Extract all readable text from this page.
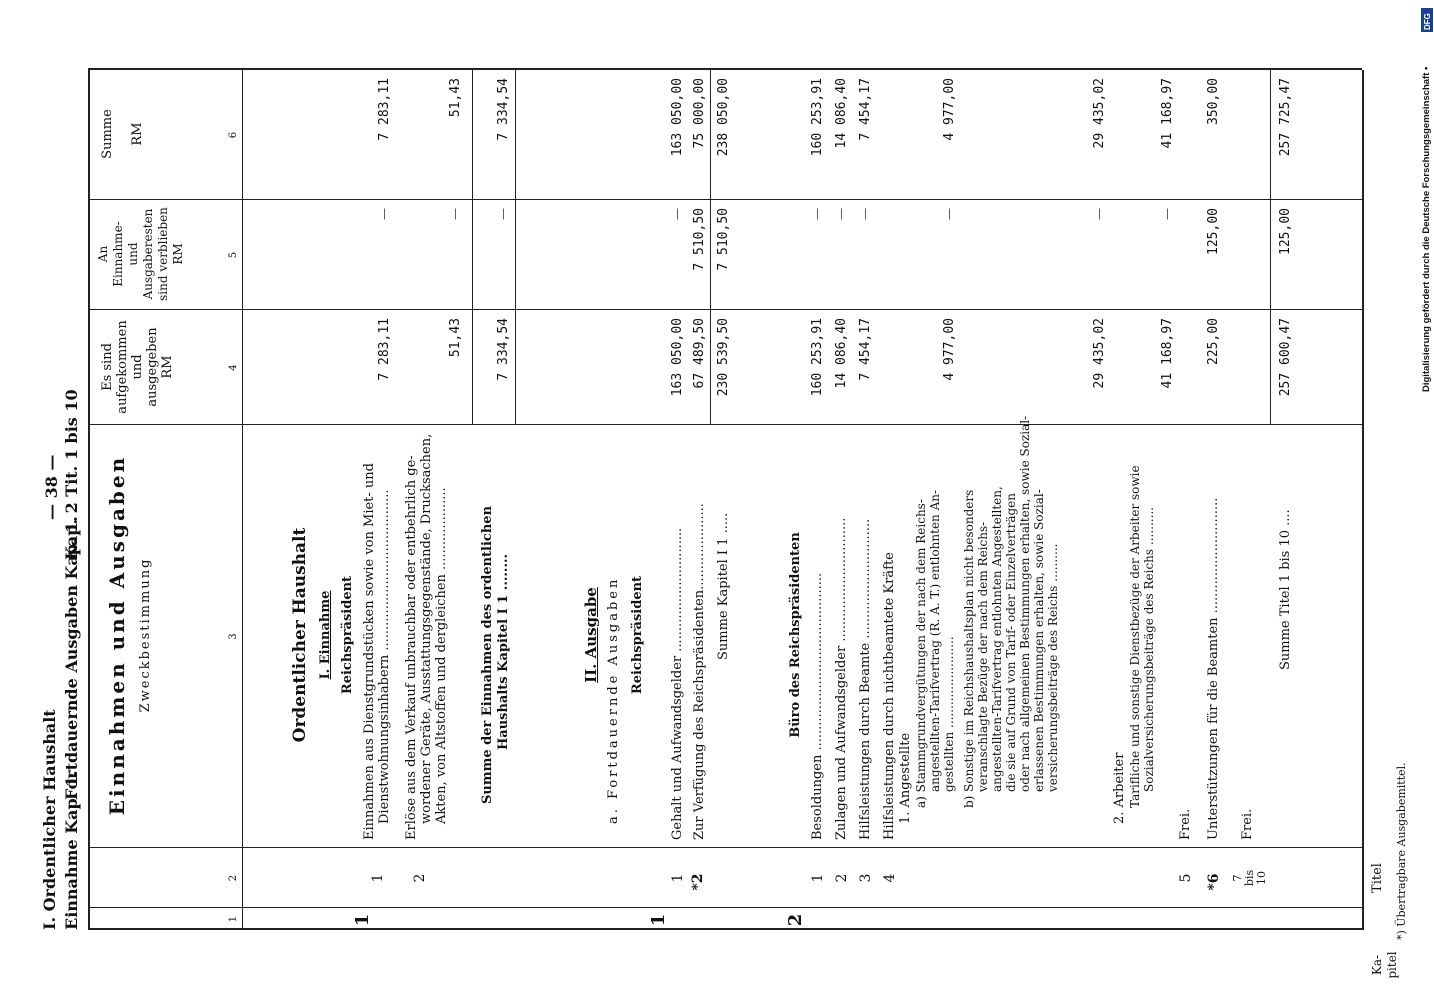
I. Ordentlicher Haushalt
— 38 —
Einnahme Kap. 1.
Fortdauernde Ausgaben Kap. 1.
Kap. 2 Tit. 1 bis 10
Ka-
pitel
Titel
Einnahmen und Ausgaben Zweckbestimmung
Es sind
aufgekommen
und
ausgegeben
RM
An
Einnahme-
und
Ausgaberesten
sind verblieben
RM
Summe

RM
1
2
3
4
5
6
Ordentlicher Haushalt I. Einnahme Reichspräsident
1
1
Einnahmen aus Dienstgrundstücken sowie von Miet- und Dienstwohnungsinhabern .......................................
7 283,11
—
7 283,11
2
Erlöse aus dem Verkauf unbrauchbar oder entbehrlich ge- wordener Geräte, Ausstattungsgegenstände, Drucksachen, Akten, von Altstoffen und dergleichen ....................
51,43
—
51,43
Summe der Einnahmen des ordentlichen Haushalts Kapitel I 1 ........
7 334,54
—
7 334,54
II. Ausgabe a. Fortdauernde Ausgaben Reichspräsident
1
1
Gehalt und Aufwandsgelder ..............................
163 050,00
—
163 050,00
*2
Zur Verfügung des Reichspräsidenten.....................
67 489,50
7 510,50
75 000,00
Summe Kapitel I 1 .....
230 539,50
7 510,50
238 050,00
2
Büro des Reichspräsidenten
1
Besoldungen ...........................................
160 253,91
—
160 253,91
2
Zulagen und Aufwandsgelder ..............................
14 086,40
—
14 086,40
3
Hilfsleistungen durch Beamte .............................
7 454,17
—
7 454,17
4
Hilfsleistungen durch nichtbeamtete Kräfte 1. Angestellte a) Stammgrundvergütungen der nach dem Reichs- angestellten-Tarifvertrag (R. A. T.) entlohnten An- gestellten ........................
4 977,00
—
4 977,00
b) Sonstige im Reichshaushaltsplan nicht besonders veranschlagte Bezüge der nach dem Reichs- angestellten-Tarifvertrag entlohnten Angestellten, die sie auf Grund von Tarif- oder Einzelverträgen oder nach allgemeinen Bestimmungen erhalten, sowie Sozial- erlassenen Bestimmungen erhalten, sowie Sozial- versicherungsbeiträge des Reichs ..........
29 435,02
—
29 435,02
2. Arbeiter Tarifliche und sonstige Dienstbezüge der Arbeiter sowie Sozialversicherungsbeiträge des Reichs ..........
41 168,97
—
41 168,97
5
Frei.
*6
Unterstützungen für die Beamten ............................
225,00
125,00
350,00
7
bis
10
Frei.
Summe Titel 1 bis 10 ....
257 600,47
125,00
257 725,47
*) Übertragbare Ausgabemittel.
DFG
Digitalisierung gefördert durch die Deutsche Forschungsgemeinschaft •
